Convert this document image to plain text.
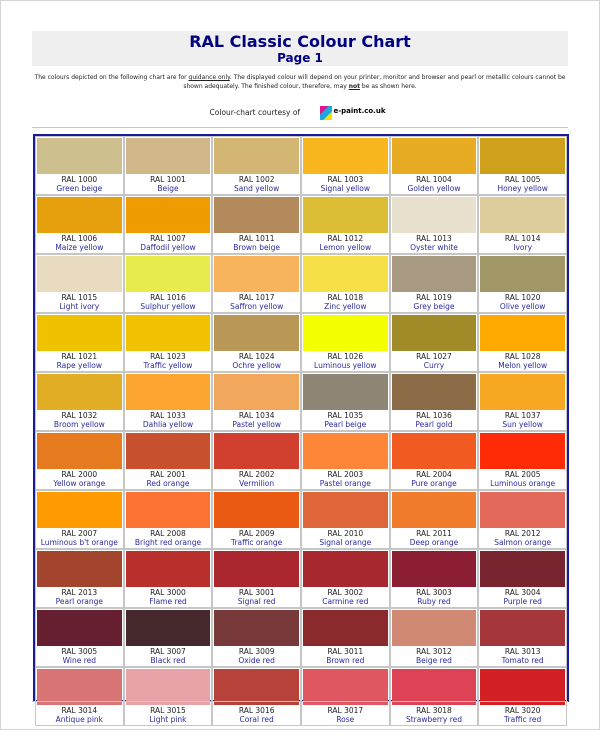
RAL Classic Colour Chart
Page 1
The colours depicted on the following chart are for guidance only. The displayed colour will depend on your printer, monitor and browser and pearl or metallic colours cannot be shown adequately. The finished colour, therefore, may not be as shown here.
Colour-chart courtesy of	e-paint.co.uk
RAL 1000
Green beige
RAL 1001
Beige
RAL 1002
Sand yellow
RAL 1003
Signal yellow
RAL 1004
Golden yellow
RAL 1005
Honey yellow
RAL 1006
Maize yellow
RAL 1007
Daffodil yellow
RAL 1011
Brown beige
RAL 1012
Lemon yellow
RAL 1013
Oyster white
RAL 1014
Ivory
RAL 1015
Light ivory
RAL 1016
Sulphur yellow
RAL 1017
Saffron yellow
RAL 1018
Zinc yellow
RAL 1019
Grey beige
RAL 1020
Olive yellow
RAL 1021
Rape yellow
RAL 1023
Traffic yellow
RAL 1024
Ochre yellow
RAL 1026
Luminous yellow
RAL 1027
Curry
RAL 1028
Melon yellow
RAL 1032
Broom yellow
RAL 1033
Dahlia yellow
RAL 1034
Pastel yellow
RAL 1035
Pearl beige
RAL 1036
Pearl gold
RAL 1037
Sun yellow
RAL 2000
Yellow orange
RAL 2001
Red orange
RAL 2002
Vermilion
RAL 2003
Pastel orange
RAL 2004
Pure orange
RAL 2005
Luminous orange
RAL 2007
Luminous b't orange
RAL 2008
Bright red orange
RAL 2009
Traffic orange
RAL 2010
Signal orange
RAL 2011
Deep orange
RAL 2012
Salmon orange
RAL 2013
Pearl orange
RAL 3000
Flame red
RAL 3001
Signal red
RAL 3002
Carmine red
RAL 3003
Ruby red
RAL 3004
Purple red
RAL 3005
Wine red
RAL 3007
Black red
RAL 3009
Oxide red
RAL 3011
Brown red
RAL 3012
Beige red
RAL 3013
Tomato red
RAL 3014
Antique pink
RAL 3015
Light pink
RAL 3016
Coral red
RAL 3017
Rose
RAL 3018
Strawberry red
RAL 3020
Traffic red
